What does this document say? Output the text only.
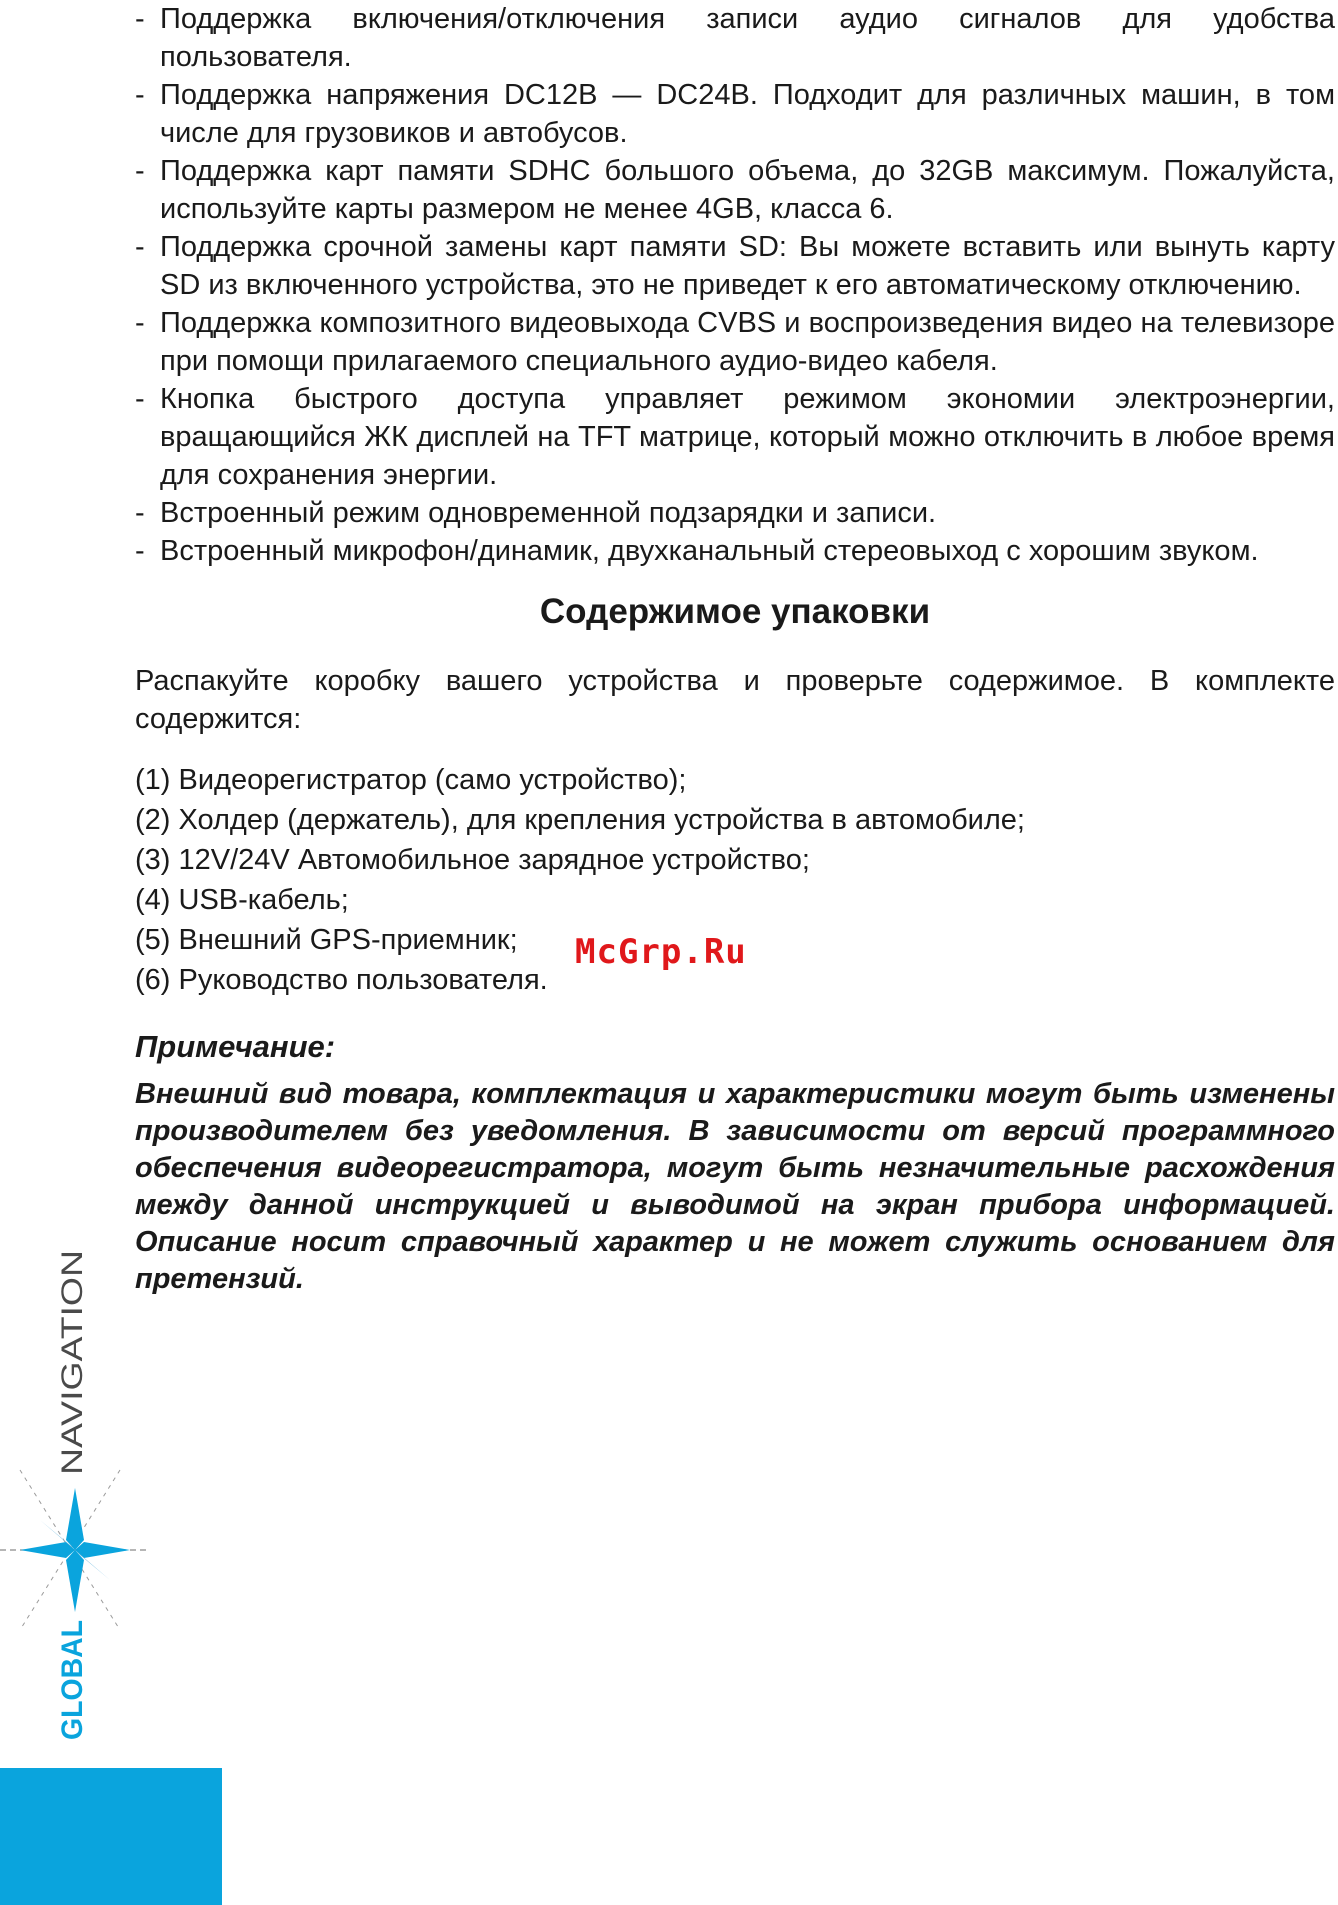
- Поддержка включения/отключения записи аудио сигналов для удобства пользователя.
- Поддержка напряжения DC12В — DC24В. Подходит для различных машин, в том числе для грузовиков и автобусов.
- Поддержка карт памяти SDHC большого объема, до 32GB максимум. Пожалуйста, используйте карты размером не менее 4GB, класса 6.
- Поддержка срочной замены карт памяти SD: Вы можете вставить или вынуть карту SD из включенного устройства, это не приведет к его автоматическому отключению.
- Поддержка композитного видеовыхода CVBS и воспроизведения видео на телевизоре при помощи прилагаемого специального аудио-видео кабеля.
- Кнопка быстрого доступа управляет режимом экономии электроэнергии, вращающийся ЖК дисплей на TFT матрице, который можно отключить в любое время для сохранения энергии.
- Встроенный режим одновременной подзарядки и записи.
- Встроенный микрофон/динамик, двухканальный стереовыход с хорошим звуком.
Содержимое упаковки

Распакуйте коробку вашего устройства и проверьте содержимое. В комплекте содержится:

(1) Видеорегистратор (само устройство);
(2) Холдер (держатель), для крепления устройства в автомобиле;
(3) 12V/24V Автомобильное зарядное устройство;
(4) USB-кабель;
(5) Внешний GPS-приемник;
(6) Руководство пользователя.
Примечание:

Внешний вид товара, комплектация и характеристики могут быть изменены производителем без уведомления. В зависимости от версий программного обеспечения видеорегистратора, могут быть незначительные расхождения между данной инструкцией и выводимой на экран прибора информацией. Описание носит справочный характер и не может служить основанием для претензий.

McGrp.Ru
NAVIGATION
GLOBAL
